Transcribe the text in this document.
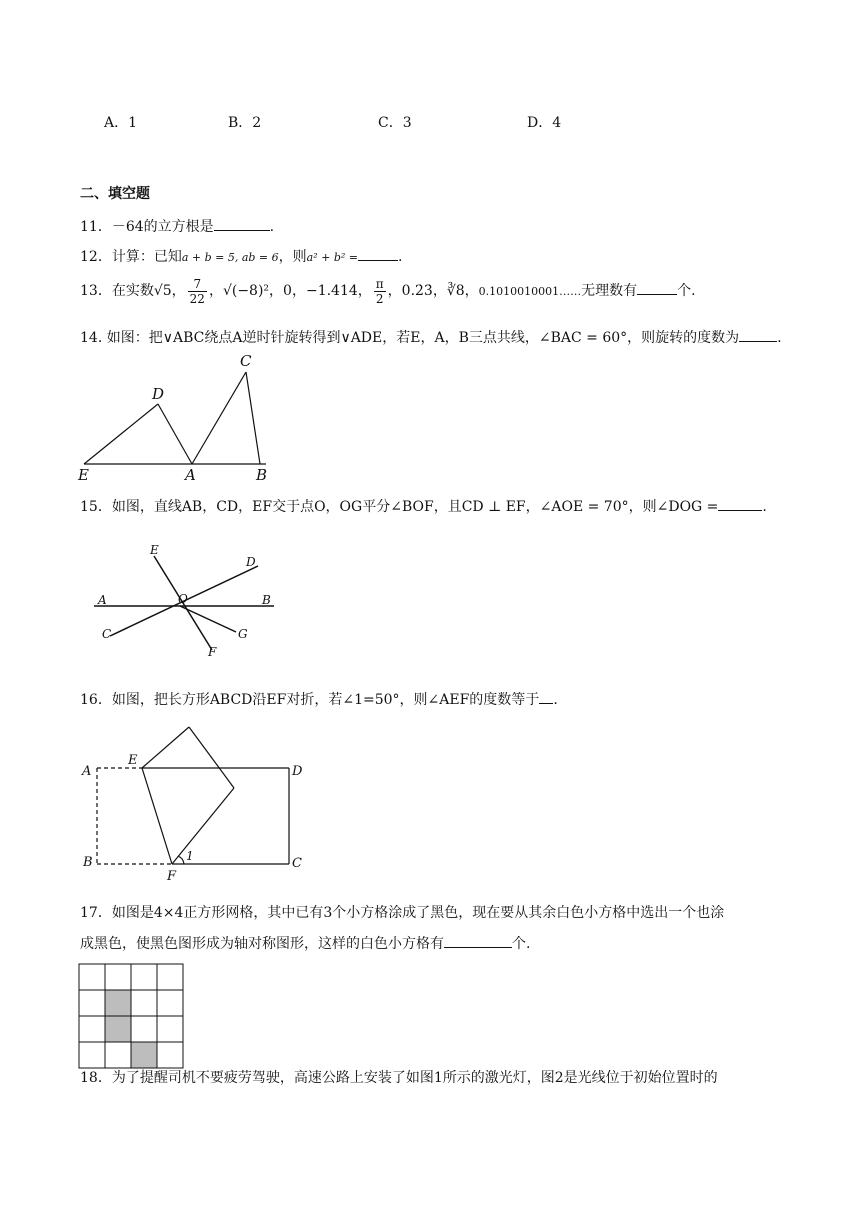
A．1	B．2	C．3	D．4
二、填空题
11．－64的立方根是	.
12．计算：已知a + b = 5, ab = 6，则a² + b² =	.
13．在实数√5， $\frac{7}{22}$ ，√(−8)²，0，−1.414， $\frac{\pi}{2}$ ，0.2̇3̇，∛8，0.1010010001……无理数有	个.
14. 如图：把∨ABC绕点A逆时针旋转得到∨ADE，若E，A，B三点共线，∠BAC = 60°，则旋转的度数为	.
C
D
E	A	B
15．如图，直线AB，CD，EF交于点O，OG平分∠BOF，且CD ⊥ EF，∠AOE = 70°，则∠DOG =	.
E
D
A	O	B
C	G
F
16．如图，把长方形ABCD沿EF对折，若∠1=50°，则∠AEF的度数等于 .
A
E
D
B	C
F
1
17．如图是4×4正方形网格，其中已有3个小方格涂成了黑色，现在要从其余白色小方格中选出一个也涂
成黑色，使黑色图形成为轴对称图形，这样的白色小方格有	个.
18．为了提醒司机不要疲劳驾驶，高速公路上安装了如图1所示的激光灯，图2是光线位于初始位置时的
